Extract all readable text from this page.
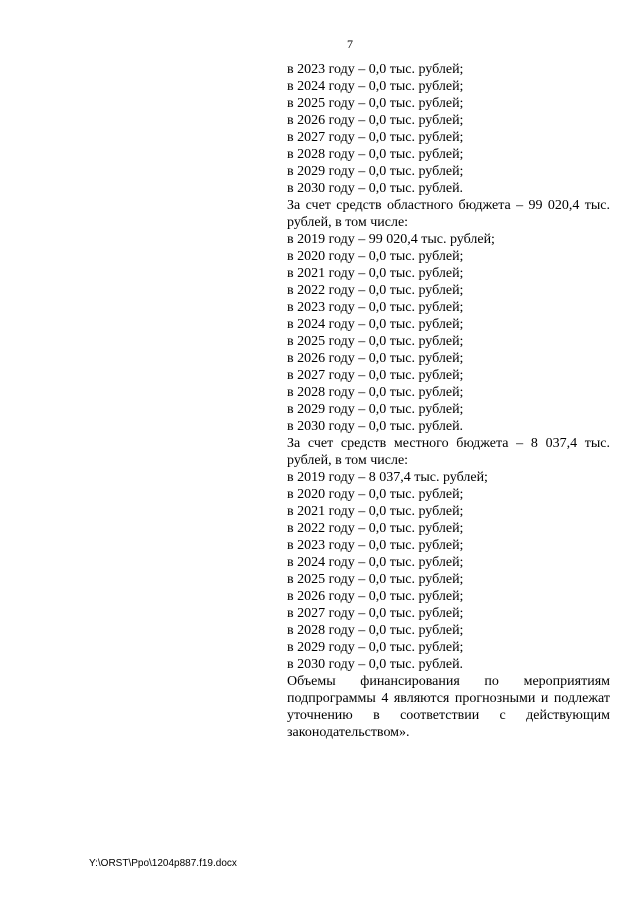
7
в 2023 году – 0,0 тыс. рублей;
в 2024 году – 0,0 тыс. рублей;
в 2025 году – 0,0 тыс. рублей;
в 2026 году – 0,0 тыс. рублей;
в 2027 году – 0,0 тыс. рублей;
в 2028 году – 0,0 тыс. рублей;
в 2029 году – 0,0 тыс. рублей;
в 2030 году – 0,0 тыс. рублей.
За счет средств областного бюджета – 99 020,4 тыс. рублей, в том числе:
в 2019 году – 99 020,4 тыс. рублей;
в 2020 году – 0,0 тыс. рублей;
в 2021 году – 0,0 тыс. рублей;
в 2022 году – 0,0 тыс. рублей;
в 2023 году – 0,0 тыс. рублей;
в 2024 году – 0,0 тыс. рублей;
в 2025 году – 0,0 тыс. рублей;
в 2026 году – 0,0 тыс. рублей;
в 2027 году – 0,0 тыс. рублей;
в 2028 году – 0,0 тыс. рублей;
в 2029 году – 0,0 тыс. рублей;
в 2030 году – 0,0 тыс. рублей.
За счет средств местного бюджета – 8 037,4 тыс. рублей, в том числе:
в 2019 году – 8 037,4 тыс. рублей;
в 2020 году – 0,0 тыс. рублей;
в 2021 году – 0,0 тыс. рублей;
в 2022 году – 0,0 тыс. рублей;
в 2023 году – 0,0 тыс. рублей;
в 2024 году – 0,0 тыс. рублей;
в 2025 году – 0,0 тыс. рублей;
в 2026 году – 0,0 тыс. рублей;
в 2027 году – 0,0 тыс. рублей;
в 2028 году – 0,0 тыс. рублей;
в 2029 году – 0,0 тыс. рублей;
в 2030 году – 0,0 тыс. рублей.
Объемы финансирования по мероприятиям подпрограммы 4 являются прогнозными и подлежат уточнению в соответствии с действующим законодательством».
Y:\ORST\Ppo\1204p887.f19.docx
